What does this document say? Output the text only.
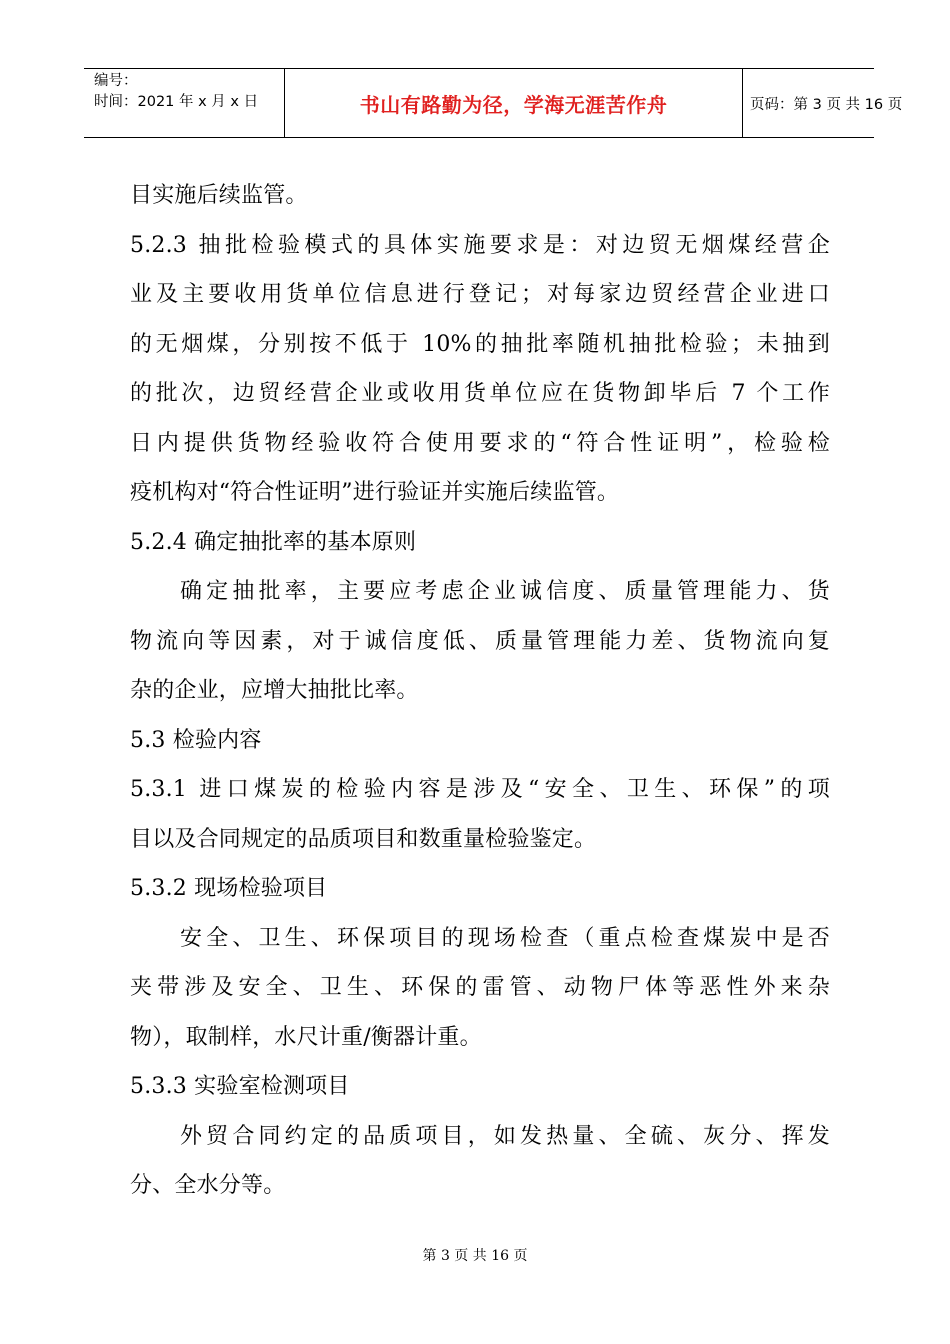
编号：
时间：2021 年 x 月 x 日	书山有路勤为径，学海无涯苦作舟	页码：第 3 页 共 16 页
目实施后续监管。
5.2.3 抽批检验模式的具体实施要求是：对边贸无烟煤经营企
业及主要收用货单位信息进行登记；对每家边贸经营企业进口
的无烟煤，分别按不低于 10%的抽批率随机抽批检验；未抽到
的批次，边贸经营企业或收用货单位应在货物卸毕后 7 个工作
日内提供货物经验收符合使用要求的“符合性证明”，检验检
疫机构对“符合性证明”进行验证并实施后续监管。
5.2.4 确定抽批率的基本原则
确定抽批率，主要应考虑企业诚信度、质量管理能力、货
物流向等因素，对于诚信度低、质量管理能力差、货物流向复
杂的企业，应增大抽批比率。
5.3 检验内容
5.3.1 进口煤炭的检验内容是涉及“安全、卫生、环保”的项
目以及合同规定的品质项目和数重量检验鉴定。
5.3.2 现场检验项目
安全、卫生、环保项目的现场检查（重点检查煤炭中是否
夹带涉及安全、卫生、环保的雷管、动物尸体等恶性外来杂
物），取制样，水尺计重/衡器计重。
5.3.3 实验室检测项目
外贸合同约定的品质项目，如发热量、全硫、灰分、挥发
分、全水分等。
第 3 页 共 16 页
